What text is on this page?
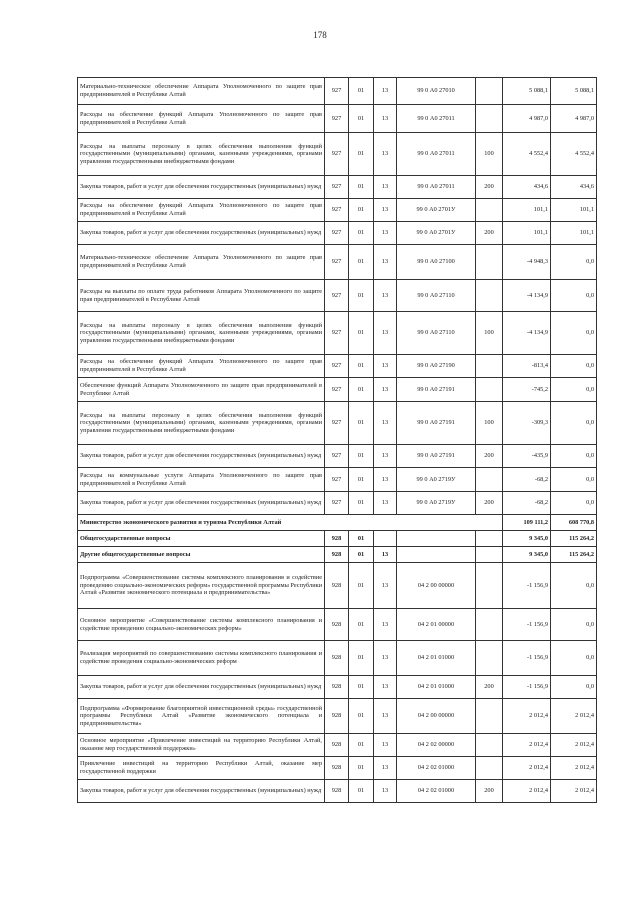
178
Материально-техническое обеспечение Аппарата Уполномоченного по защите прав предпринимателей в Республике Алтай	927	01	13	99 0 А0 27010		5 088,1	5 088,1
Расходы на обеспечение функций Аппарата Уполномоченного по защите прав предпринимателей в Республике Алтай	927	01	13	99 0 А0 27011		4 987,0	4 987,0
Расходы на выплаты персоналу в целях обеспечения выполнения функций государственными (муниципальными) органами, казенными учреждениями, органами управления государственными внебюджетными фондами	927	01	13	99 0 А0 27011	100	4 552,4	4 552,4
Закупка товаров, работ и услуг для обеспечения государственных (муниципальных) нужд	927	01	13	99 0 А0 27011	200	434,6	434,6
Расходы на обеспечение функций Аппарата Уполномоченного по защите прав предпринимателей в Республике Алтай	927	01	13	99 0 А0 2701У		101,1	101,1
Закупка товаров, работ и услуг для обеспечения государственных (муниципальных) нужд	927	01	13	99 0 А0 2701У	200	101,1	101,1
Материально-техническое обеспечение Аппарата Уполномоченного по защите прав предпринимателей в Республике Алтай	927	01	13	99 0 А0 27100		-4 948,3	0,0
Расходы на выплаты по оплате труда работников Аппарата Уполномоченного по защите прав предпринимателей в Республике Алтай	927	01	13	99 0 А0 27110		-4 134,9	0,0
Расходы на выплаты персоналу в целях обеспечения выполнения функций государственными (муниципальными) органами, казенными учреждениями, органами управления государственными внебюджетными фондами	927	01	13	99 0 А0 27110	100	-4 134,9	0,0
Расходы на обеспечение функций Аппарата Уполномоченного по защите прав предпринимателей в Республике Алтай	927	01	13	99 0 А0 27190		-813,4	0,0
Обеспечение функций Аппарата Уполномоченного по защите прав предпринимателей в Республике Алтай	927	01	13	99 0 А0 27191		-745,2	0,0
Расходы на выплаты персоналу в целях обеспечения выполнения функций государственными (муниципальными) органами, казенными учреждениями, органами управления государственными внебюджетными фондами	927	01	13	99 0 А0 27191	100	-309,3	0,0
Закупка товаров, работ и услуг для обеспечения государственных (муниципальных) нужд	927	01	13	99 0 А0 27191	200	-435,9	0,0
Расходы на коммунальные услуги Аппарата Уполномоченного по защите прав предпринимателей в Республике Алтай	927	01	13	99 0 А0 2719У		-68,2	0,0
Закупка товаров, работ и услуг для обеспечения государственных (муниципальных) нужд	927	01	13	99 0 А0 2719У	200	-68,2	0,0
Министерство экономического развития и туризма Республики Алтай						109 111,2	608 770,8
Общегосударственные вопросы	928	01				9 345,0	115 264,2
Другие общегосударственные вопросы	928	01	13			9 345,0	115 264,2
Подпрограмма «Совершенствование системы комплексного планирования и содействие проведению социально-экономических реформ» государственной программы Республики Алтай «Развитие экономического потенциала и предпринимательства»	928	01	13	04 2 00 00000		-1 156,9	0,0
Основное мероприятие «Совершенствование системы комплексного планирования и содействие проведению социально-экономических реформ»	928	01	13	04 2 01 00000		-1 156,9	0,0
Реализация мероприятий по совершенствованию системы комплексного планирования и содействие проведения социально-экономических реформ	928	01	13	04 2 01 01000		-1 156,9	0,0
Закупка товаров, работ и услуг для обеспечения государственных (муниципальных) нужд	928	01	13	04 2 01 01000	200	-1 156,9	0,0
Подпрограмма «Формирование благоприятной инвестиционной среды» государственной программы Республики Алтай «Развитие экономического потенциала и предпринимательства»	928	01	13	04 2 00 00000		2 012,4	2 012,4
Основное мероприятие «Привлечение инвестиций на территорию Республики Алтай, оказание мер государственной поддержки»	928	01	13	04 2 02 00000		2 012,4	2 012,4
Привлечение инвестиций на территорию Республики Алтай, оказание мер государственной поддержки	928	01	13	04 2 02 01000		2 012,4	2 012,4
Закупка товаров, работ и услуг для обеспечения государственных (муниципальных) нужд	928	01	13	04 2 02 01000	200	2 012,4	2 012,4
